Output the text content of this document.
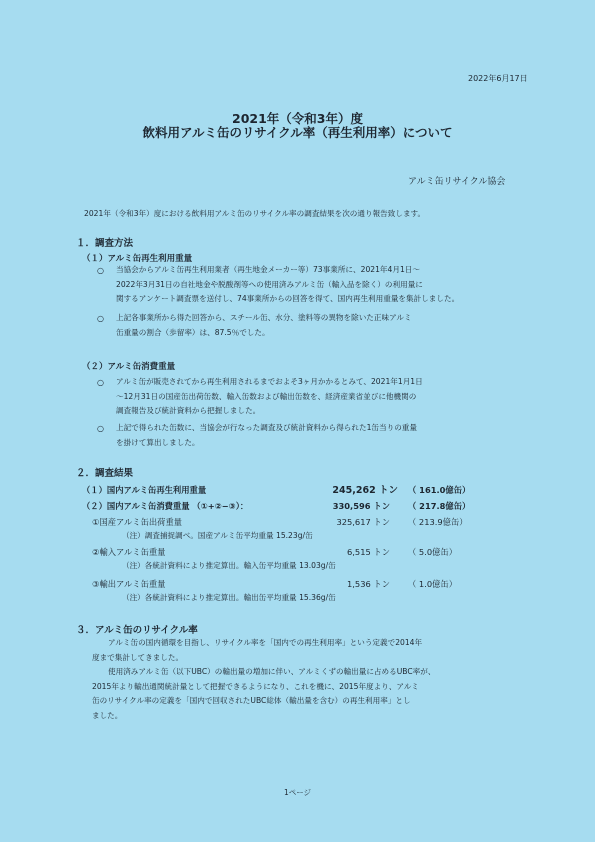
2022年6月17日
2021年（令和3年）度
飲料用アルミ缶のリサイクル率（再生利用率）について
アルミ缶リサイクル協会
2021年（令和3年）度における飲料用アルミ缶のリサイクル率の調査結果を次の通り報告致します。
１．調査方法
（１）アルミ缶再生利用重量
○ 当協会からアルミ缶再生利用業者（再生地金メーカー等）73事業所に、2021年4月1日～
2022年3月31日の自社地金や脱酸剤等への使用済みアルミ缶（輸入品を除く）の利用量に
関するアンケート調査票を送付し、74事業所からの回答を得て、国内再生利用重量を集計しました。
○ 上記各事業所から得た回答から、スチール缶、水分、塗料等の異物を除いた正味アルミ
缶重量の割合（歩留率）は、87.5％でした。
（２）アルミ缶消費重量
○ アルミ缶が販売されてから再生利用されるまでおよそ3ヶ月かかるとみて、2021年1月1日
～12月31日の国産缶出荷缶数、輸入缶数および輸出缶数を、経済産業省並びに他機関の
調査報告及び統計資料から把握しました。
○ 上記で得られた缶数に、当協会が行なった調査及び統計資料から得られた1缶当りの重量
を掛けて算出しました。
２．調査結果
（１）国内アルミ缶再生利用重量	245,262 トン （ 161.0億缶）
（２）国内アルミ缶消費重量 （①+②−③）：	330,596 トン （ 217.8億缶）
①国産アルミ缶出荷重量	325,617 トン （ 213.9億缶）
（注）調査捕捉調べ。国産アルミ缶平均重量 15.23g/缶
②輸入アルミ缶重量	6,515 トン （ 5.0億缶）
（注）各統計資料により推定算出。輸入缶平均重量 13.03g/缶
③輸出アルミ缶重量	1,536 トン （ 1.0億缶）
（注）各統計資料により推定算出。輸出缶平均重量 15.36g/缶
３．アルミ缶のリサイクル率
アルミ缶の国内循環を目指し、リサイクル率を「国内での再生利用率」という定義で2014年
度まで集計してきました。
使用済みアルミ缶（以下UBC）の輸出量の増加に伴い、アルミくずの輸出量に占めるUBC率が、
2015年より輸出通関統計量として把握できるようになり、これを機に、2015年度より、アルミ
缶のリサイクル率の定義を「国内で回収されたUBC総体（輸出量を含む）の再生利用率」とし
ました。
1ページ
